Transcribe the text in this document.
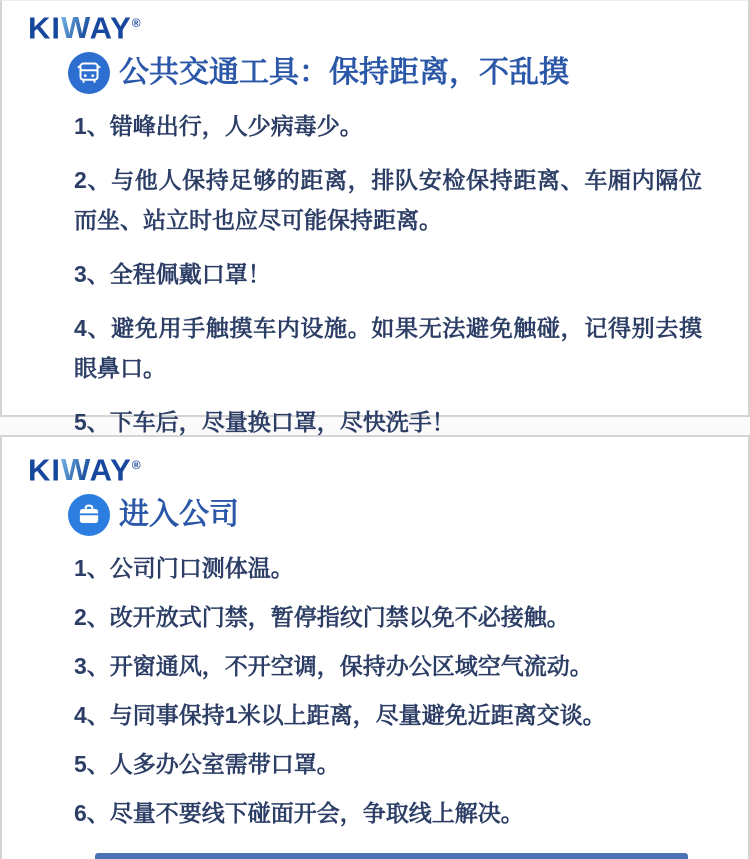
KIWAY®
公共交通工具：保持距离，不乱摸

1、错峰出行，人少病毒少。

2、与他人保持足够的距离，排队安检保持距离、车厢内隔位而坐、站立时也应尽可能保持距离。

3、全程佩戴口罩！

4、避免用手触摸车内设施。如果无法避免触碰，记得别去摸眼鼻口。

5、下车后，尽量换口罩，尽快洗手！

KIWAY®
进入公司

1、公司门口测体温。

2、改开放式门禁，暂停指纹门禁以免不必接触。

3、开窗通风，不开空调，保持办公区域空气流动。

4、与同事保持1米以上距离，尽量避免近距离交谈。

5、人多办公室需带口罩。

6、尽量不要线下碰面开会，争取线上解决。
